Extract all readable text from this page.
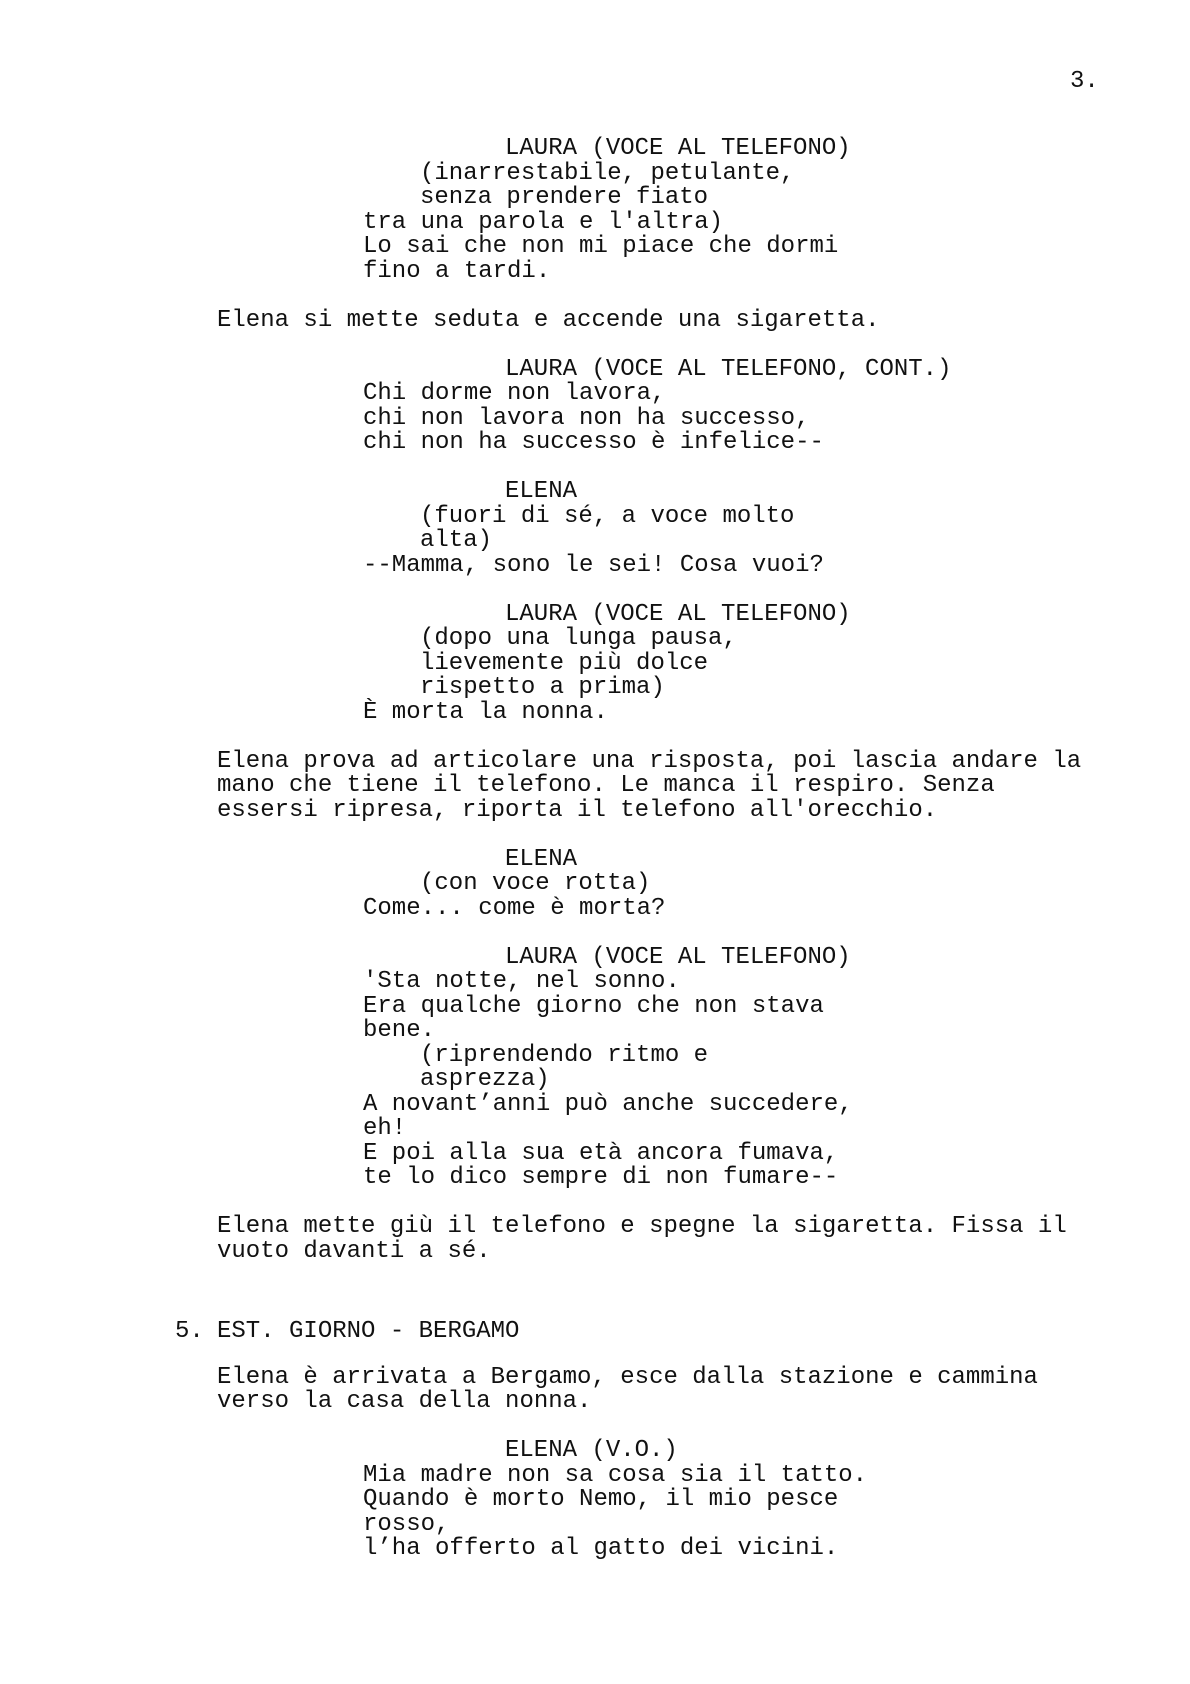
3.
LAURA (VOCE AL TELEFONO)
(inarrestabile, petulante,
senza prendere fiato
tra una parola e l'altra)
Lo sai che non mi piace che dormi
fino a tardi.
Elena si mette seduta e accende una sigaretta.
LAURA (VOCE AL TELEFONO, CONT.)
Chi dorme non lavora,
chi non lavora non ha successo,
chi non ha successo è infelice--
ELENA
(fuori di sé, a voce molto
alta)
--Mamma, sono le sei! Cosa vuoi?
LAURA (VOCE AL TELEFONO)
(dopo una lunga pausa,
lievemente più dolce
rispetto a prima)
È morta la nonna.
Elena prova ad articolare una risposta, poi lascia andare la
mano che tiene il telefono. Le manca il respiro. Senza
essersi ripresa, riporta il telefono all'orecchio.
ELENA
(con voce rotta)
Come... come è morta?
LAURA (VOCE AL TELEFONO)
'Sta notte, nel sonno.
Era qualche giorno che non stava
bene.
(riprendendo ritmo e
asprezza)
A novant’anni può anche succedere,
eh!
E poi alla sua età ancora fumava,
te lo dico sempre di non fumare--
Elena mette giù il telefono e spegne la sigaretta. Fissa il
vuoto davanti a sé.
5. EST. GIORNO - BERGAMO
Elena è arrivata a Bergamo, esce dalla stazione e cammina
verso la casa della nonna.
ELENA (V.O.)
Mia madre non sa cosa sia il tatto.
Quando è morto Nemo, il mio pesce
rosso,
l’ha offerto al gatto dei vicini.
